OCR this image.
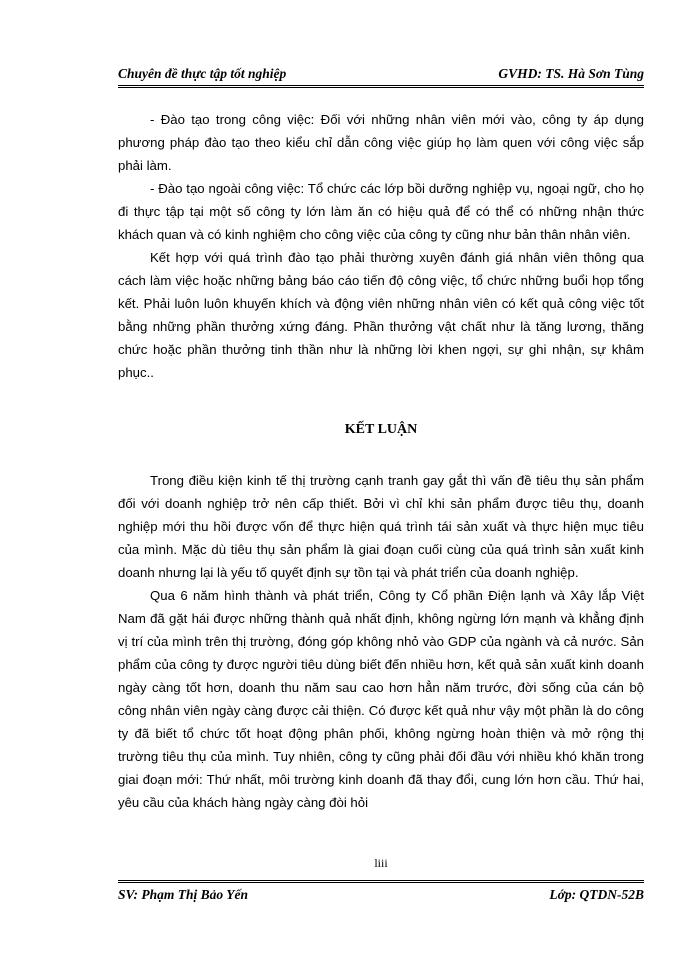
Chuyên đề thực tập tốt nghiệp	GVHD: TS. Hà Sơn Tùng

- Đào tạo trong công việc: Đối với những nhân viên mới vào, công ty áp dụng phương pháp đào tạo theo kiểu chỉ dẫn công việc giúp họ làm quen với công việc sắp phải làm.

- Đào tạo ngoài công việc: Tổ chức các lớp bồi dưỡng nghiệp vụ, ngoại ngữ, cho họ đi thực tập tại một số công ty lớn làm ăn có hiệu quả để có thể có những nhận thức khách quan và có kinh nghiệm cho công việc của công ty cũng như bản thân nhân viên.

Kết hợp với quá trình đào tạo phải thường xuyên đánh giá nhân viên thông qua cách làm việc hoặc những bảng báo cáo tiến độ công việc, tổ chức những buổi họp tổng kết. Phải luôn luôn khuyến khích và động viên những nhân viên có kết quả công việc tốt bằng những phần thưởng xứng đáng. Phần thưởng vật chất như là tăng lương, thăng chức hoặc phần thưởng tinh thần như là những lời khen ngợi, sự ghi nhận, sự khâm phục..

KẾT LUẬN

Trong điều kiện kinh tế thị trường cạnh tranh gay gắt thì vấn đề tiêu thụ sản phẩm đối với doanh nghiệp trở nên cấp thiết. Bởi vì chỉ khi sản phẩm được tiêu thụ, doanh nghiệp mới thu hồi được vốn để thực hiện quá trình tái sản xuất và thực hiện mục tiêu của mình. Mặc dù tiêu thụ sản phẩm là giai đoạn cuối cùng của quá trình sản xuất kinh doanh nhưng lại là yếu tố quyết định sự tồn tại và phát triển của doanh nghiệp.

Qua 6 năm hình thành và phát triển, Công ty Cổ phần Điện lạnh và Xây lắp Việt Nam đã gặt hái được những thành quả nhất định, không ngừng lớn mạnh và khẳng định vị trí của mình trên thị trường, đóng góp không nhỏ vào GDP của ngành và cả nước. Sản phẩm của công ty được người tiêu dùng biết đến nhiều hơn, kết quả sản xuất kinh doanh ngày càng tốt hơn, doanh thu năm sau cao hơn hẳn năm trước, đời sống của cán bộ công nhân viên ngày càng được cải thiện. Có được kết quả như vậy một phần là do công ty đã biết tổ chức tốt hoạt động phân phối, không ngừng hoàn thiện và mở rộng thị trường tiêu thụ của mình. Tuy nhiên, công ty cũng phải đối đầu với nhiều khó khăn trong giai đoạn mới: Thứ nhất, môi trường kinh doanh đã thay đổi, cung lớn hơn cầu. Thứ hai, yêu cầu của khách hàng ngày càng đòi hỏi

liii
SV: Phạm Thị Bảo Yến	Lớp: QTDN-52B
